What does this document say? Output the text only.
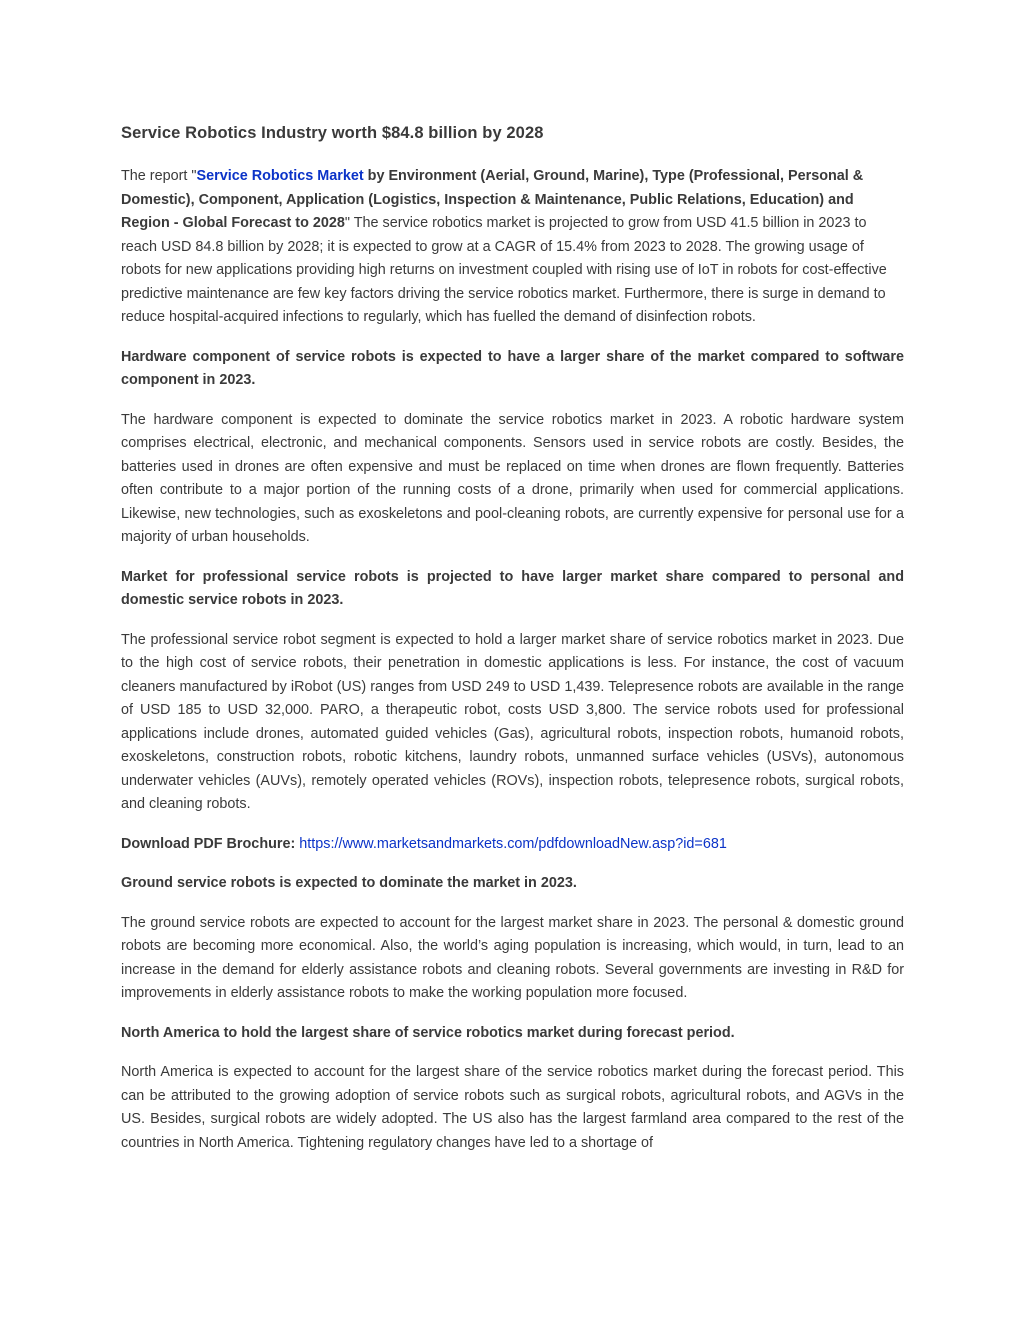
Service Robotics Industry worth $84.8 billion by 2028

The report "Service Robotics Market by Environment (Aerial, Ground, Marine), Type (Professional, Personal & Domestic), Component, Application (Logistics, Inspection & Maintenance, Public Relations, Education) and Region - Global Forecast to 2028" The service robotics market is projected to grow from USD 41.5 billion in 2023 to reach USD 84.8 billion by 2028; it is expected to grow at a CAGR of 15.4% from 2023 to 2028. The growing usage of robots for new applications providing high returns on investment coupled with rising use of IoT in robots for cost-effective predictive maintenance are few key factors driving the service robotics market. Furthermore, there is surge in demand to reduce hospital-acquired infections to regularly, which has fuelled the demand of disinfection robots.

Hardware component of service robots is expected to have a larger share of the market compared to software component in 2023.

The hardware component is expected to dominate the service robotics market in 2023. A robotic hardware system comprises electrical, electronic, and mechanical components. Sensors used in service robots are costly. Besides, the batteries used in drones are often expensive and must be replaced on time when drones are flown frequently. Batteries often contribute to a major portion of the running costs of a drone, primarily when used for commercial applications. Likewise, new technologies, such as exoskeletons and pool-cleaning robots, are currently expensive for personal use for a majority of urban households.

Market for professional service robots is projected to have larger market share compared to personal and domestic service robots in 2023.

The professional service robot segment is expected to hold a larger market share of service robotics market in 2023. Due to the high cost of service robots, their penetration in domestic applications is less. For instance, the cost of vacuum cleaners manufactured by iRobot (US) ranges from USD 249 to USD 1,439. Telepresence robots are available in the range of USD 185 to USD 32,000. PARO, a therapeutic robot, costs USD 3,800. The service robots used for professional applications include drones, automated guided vehicles (Gas), agricultural robots, inspection robots, humanoid robots, exoskeletons, construction robots, robotic kitchens, laundry robots, unmanned surface vehicles (USVs), autonomous underwater vehicles (AUVs), remotely operated vehicles (ROVs), inspection robots, telepresence robots, surgical robots, and cleaning robots.

Download PDF Brochure: https://www.marketsandmarkets.com/pdfdownloadNew.asp?id=681

Ground service robots is expected to dominate the market in 2023.

The ground service robots are expected to account for the largest market share in 2023. The personal & domestic ground robots are becoming more economical. Also, the world’s aging population is increasing, which would, in turn, lead to an increase in the demand for elderly assistance robots and cleaning robots. Several governments are investing in R&D for improvements in elderly assistance robots to make the working population more focused.

North America to hold the largest share of service robotics market during forecast period.

North America is expected to account for the largest share of the service robotics market during the forecast period. This can be attributed to the growing adoption of service robots such as surgical robots, agricultural robots, and AGVs in the US. Besides, surgical robots are widely adopted. The US also has the largest farmland area compared to the rest of the countries in North America. Tightening regulatory changes have led to a shortage of
